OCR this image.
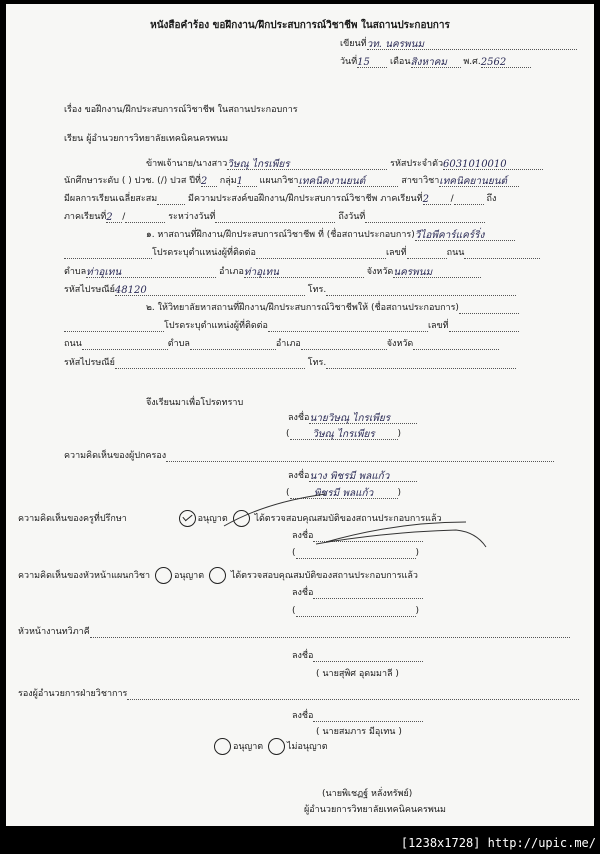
หนังสือคำร้อง ขอฝึกงาน/ฝึกประสบการณ์วิชาชีพ ในสถานประกอบการ
เขียนที่วท. นครพนม
วันที่15 เดือนสิงหาคม พ.ศ.2562
เรื่อง ขอฝึกงาน/ฝึกประสบการณ์วิชาชีพ ในสถานประกอบการ
เรียน ผู้อำนวยการวิทยาลัยเทคนิคนครพนม
ข้าพเจ้านาย/นางสาววิษณุ ไกรเพียร	รหัสประจำตัว6031010010
นักศึกษาระดับ ( ) ปวช. (/) ปวส ปีที่2 กลุ่ม1 แผนกวิชาเทคนิคงานยนต์	สาขาวิชาเทคนิคยานยนต์
มีผลการเรียนเฉลี่ยสะสม	มีความประสงค์ขอฝึกงาน/ฝึกประสบการณ์วิชาชีพ ภาคเรียนที่2 /	ถึง
ภาคเรียนที่2 /	ระหว่างวันที่	ถึงวันที่
๑. หาสถานที่ฝึกงาน/ฝึกประสบการณ์วิชาชีพ ที่ (ชื่อสถานประกอบการ)วีไอพีคาร์แคร์ริ่ง
โปรดระบุตำแหน่งผู้ที่ติดต่อ	เลขที่	ถนน
ตำบลท่าอุเทน	อำเภอท่าอุเทน	จังหวัดนครพนม
รหัสไปรษณีย์48120	โทร.
๒. ให้วิทยาลัยหาสถานที่ฝึกงาน/ฝึกประสบการณ์วิชาชีพให้ (ชื่อสถานประกอบการ)
โปรดระบุตำแหน่งผู้ที่ติดต่อ	เลขที่
ถนน	ตำบล	อำเภอ	จังหวัด
รหัสไปรษณีย์	โทร.
จึงเรียนมาเพื่อโปรดทราบ
ลงชื่อนายวิษณุ ไกรเพียร
( วิษณุ ไกรเพียร	)
ความคิดเห็นของผู้ปกครอง
ลงชื่อนาง พิชรมี พลแก้ว
( พิชรมี พลแก้ว	)
ความคิดเห็นของครูที่ปรึกษา	อนุญาต	ได้ตรวจสอบคุณสมบัติของสถานประกอบการแล้ว
ลงชื่อ
(	)
ความคิดเห็นของหัวหน้าแผนกวิชา	อนุญาต	ได้ตรวจสอบคุณสมบัติของสถานประกอบการแล้ว
ลงชื่อ
(	)
หัวหน้างานทวิภาคี
ลงชื่อ
( นายสุพิศ อุดมมาลี )
รองผู้อำนวยการฝ่ายวิชาการ
ลงชื่อ
( นายสมภาร มีอุเทน )
อนุญาต	ไม่อนุญาต
(นายพิเชฏฐ์ หลั่งทรัพย์)
ผู้อำนวยการวิทยาลัยเทคนิคนครพนม
[1238x1728] http://upic.me/
